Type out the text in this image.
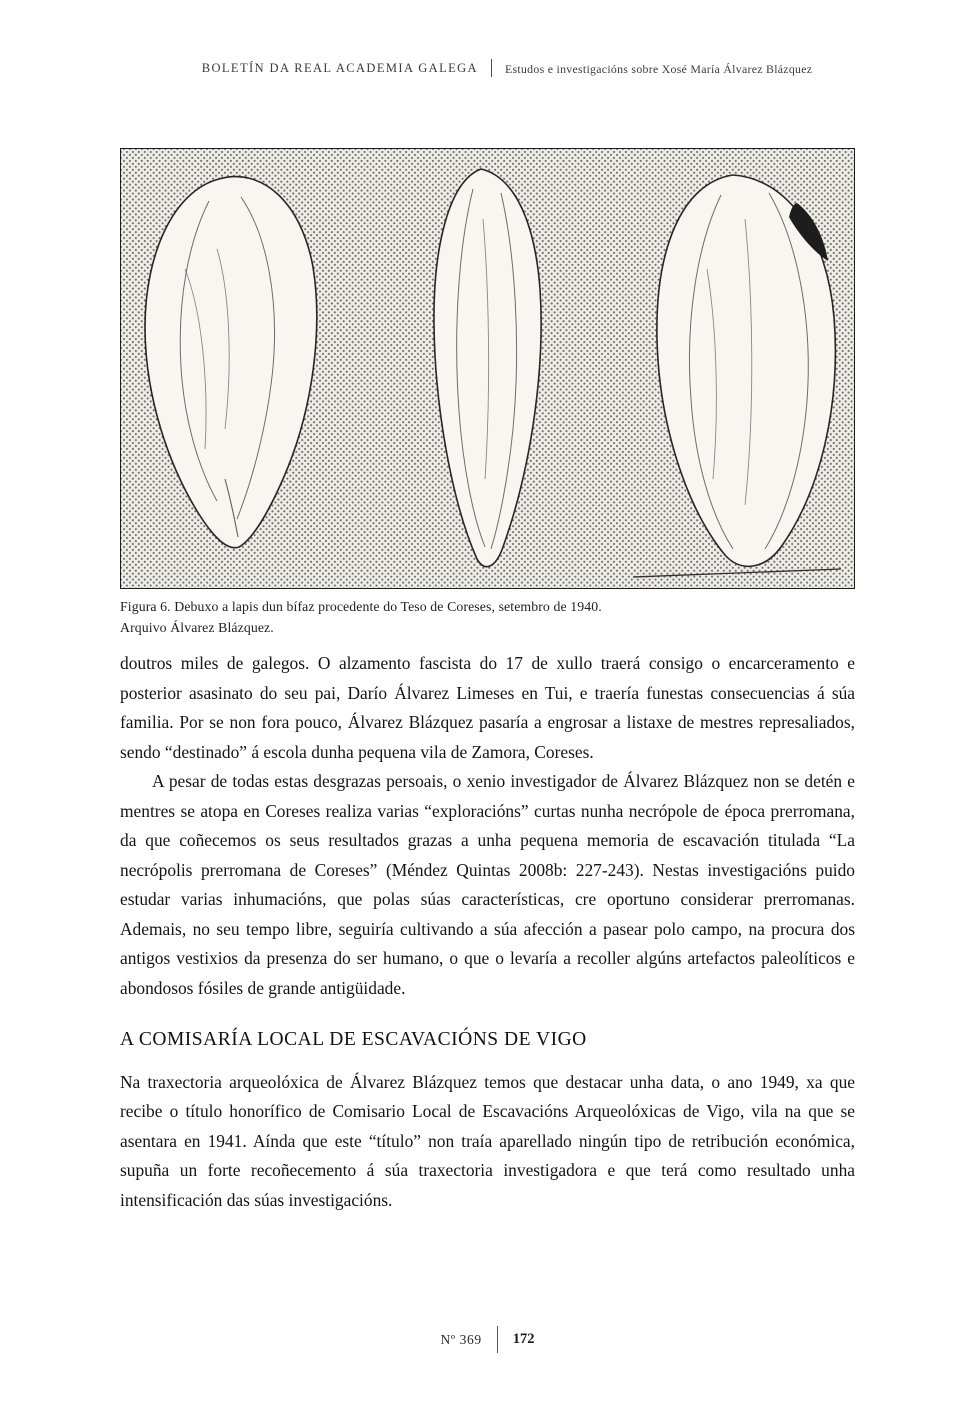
BOLETÍN DA REAL ACADEMIA GALEGA Estudos e investigacións sobre Xosé María Álvarez Blázquez
Figura 6. Debuxo a lapis dun bífaz procedente do Teso de Coreses, setembro de 1940.
Arquivo Álvarez Blázquez.

doutros miles de galegos. O alzamento fascista do 17 de xullo traerá consigo o encarceramento e posterior asasinato do seu pai, Darío Álvarez Limeses en Tui, e traería funestas consecuencias á súa familia. Por se non fora pouco, Álvarez Blázquez pasaría a engrosar a listaxe de mestres represaliados, sendo “destinado” á escola dunha pequena vila de Zamora, Coreses.

A pesar de todas estas desgrazas persoais, o xenio investigador de Álvarez Blázquez non se detén e mentres se atopa en Coreses realiza varias “exploracións” curtas nunha necrópole de época prerromana, da que coñecemos os seus resultados grazas a unha pequena memoria de escavación titulada “La necrópolis prerromana de Coreses” (Méndez Quintas 2008b: 227-243). Nestas investigacións puido estudar varias inhumacións, que polas súas características, cre oportuno considerar prerromanas. Ademais, no seu tempo libre, seguiría cultivando a súa afección a pasear polo campo, na procura dos antigos vestixios da presenza do ser humano, o que o levaría a recoller algúns artefactos paleolíticos e abondosos fósiles de grande antigüidade.

A COMISARÍA LOCAL DE ESCAVACIÓNS DE VIGO

Na traxectoria arqueolóxica de Álvarez Blázquez temos que destacar unha data, o ano 1949, xa que recibe o título honorífico de Comisario Local de Escavacións Arqueolóxicas de Vigo, vila na que se asentara en 1941. Aínda que este “título” non traía aparellado ningún tipo de retribución económica, supuña un forte recoñecemento á súa traxectoria investigadora e que terá como resultado unha intensificación das súas investigacións.

Nº 369 172
